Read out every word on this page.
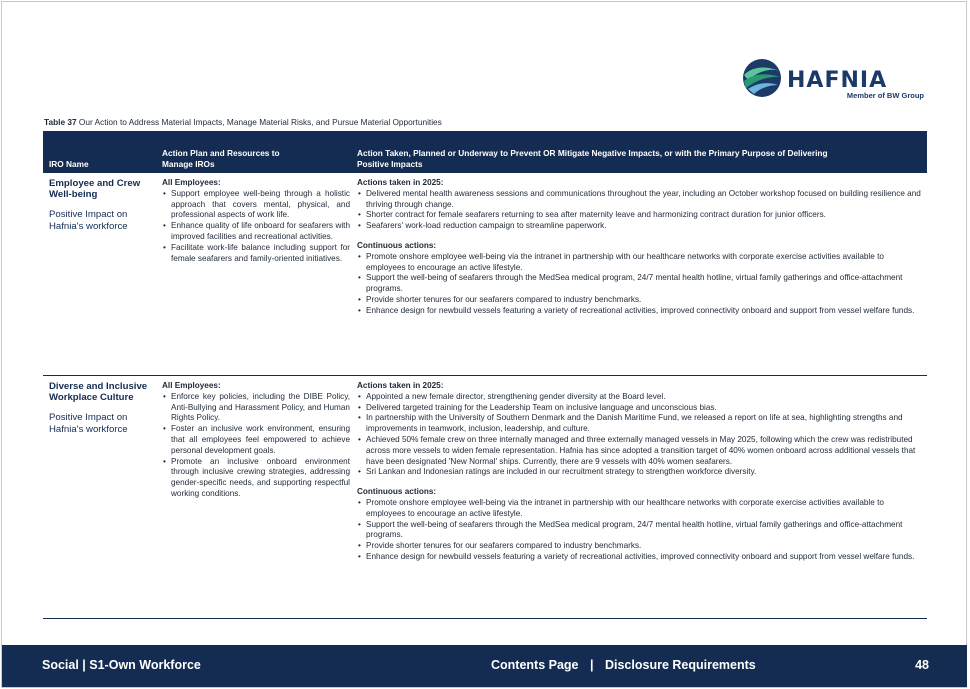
HAFNIA
Member of BW Group
Table 37 Our Action to Address Material Impacts, Manage Material Risks, and Pursue Material Opportunities
IRO Name
Action Plan and Resources to Manage IROs
Action Taken, Planned or Underway to Prevent OR Mitigate Negative Impacts, or with the Primary Purpose of Delivering Positive Impacts
Employee and Crew Well-being
Positive Impact on Hafnia's workforce
All Employees:
• Support employee well-being through a holistic approach that covers mental, physical, and professional aspects of work life.
• Enhance quality of life onboard for seafarers with improved facilities and recreational activities.
• Facilitate work-life balance including support for female seafarers and family-oriented initiatives.
Actions taken in 2025:
• Delivered mental health awareness sessions and communications throughout the year, including an October workshop focused on building resilience and thriving through change.
• Shorter contract for female seafarers returning to sea after maternity leave and harmonizing contract duration for junior officers.
• Seafarers' work-load reduction campaign to streamline paperwork.
Continuous actions:
• Promote onshore employee well-being via the intranet in partnership with our healthcare networks with corporate exercise activities available to employees to encourage an active lifestyle.
• Support the well-being of seafarers through the MedSea medical program, 24/7 mental health hotline, virtual family gatherings and office-attachment programs.
• Provide shorter tenures for our seafarers compared to industry benchmarks.
• Enhance design for newbuild vessels featuring a variety of recreational activities, improved connectivity onboard and support from vessel welfare funds.
Diverse and Inclusive Workplace Culture
Positive Impact on Hafnia's workforce
All Employees:
• Enforce key policies, including the DIBE Policy, Anti-Bullying and Harassment Policy, and Human Rights Policy.
• Foster an inclusive work environment, ensuring that all employees feel empowered to achieve personal development goals.
• Promote an inclusive onboard environment through inclusive crewing strategies, addressing gender-specific needs, and supporting respectful working conditions.
Actions taken in 2025:
• Appointed a new female director, strengthening gender diversity at the Board level.
• Delivered targeted training for the Leadership Team on inclusive language and unconscious bias.
• In partnership with the University of Southern Denmark and the Danish Maritime Fund, we released a report on life at sea, highlighting strengths and improvements in teamwork, inclusion, leadership, and culture.
• Achieved 50% female crew on three internally managed and three externally managed vessels in May 2025, following which the crew was redistributed across more vessels to widen female representation. Hafnia has since adopted a transition target of 40% women onboard across additional vessels that have been designated 'New Normal' ships. Currently, there are 9 vessels with 40% women seafarers.
• Sri Lankan and Indonesian ratings are included in our recruitment strategy to strengthen workforce diversity.
Continuous actions:
• Promote onshore employee well-being via the intranet in partnership with our healthcare networks with corporate exercise activities available to employees to encourage an active lifestyle.
• Support the well-being of seafarers through the MedSea medical program, 24/7 mental health hotline, virtual family gatherings and office-attachment programs.
• Provide shorter tenures for our seafarers compared to industry benchmarks.
• Enhance design for newbuild vessels featuring a variety of recreational activities, improved connectivity onboard and support from vessel welfare funds.
Social | S1-Own Workforce	Contents Page | Disclosure Requirements	48
